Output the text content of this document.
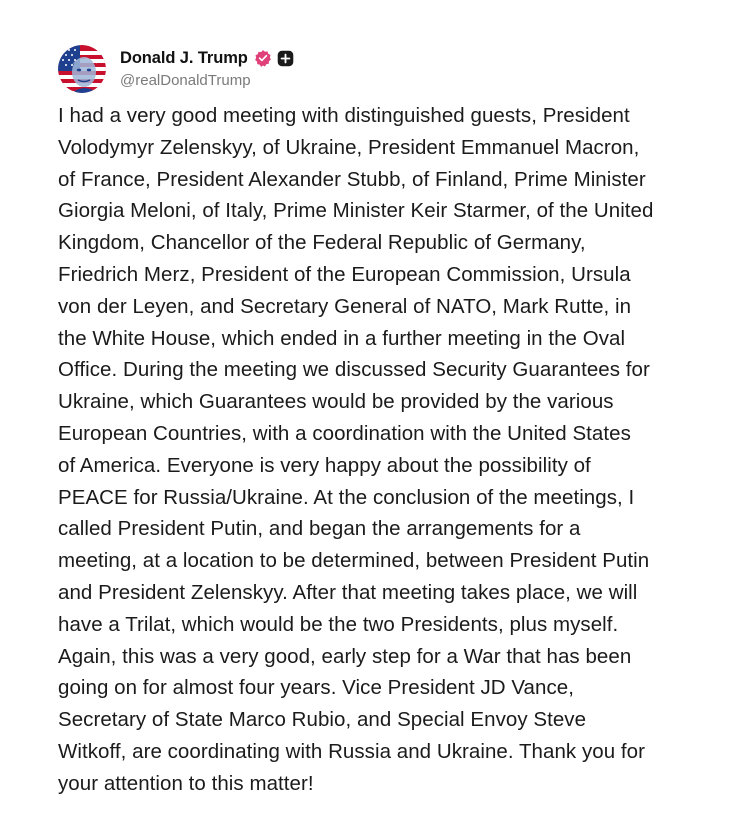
Donald J. Trump
@realDonaldTrump

I had a very good meeting with distinguished guests, President
Volodymyr Zelenskyy, of Ukraine, President Emmanuel Macron,
of France, President Alexander Stubb, of Finland, Prime Minister
Giorgia Meloni, of Italy, Prime Minister Keir Starmer, of the United
Kingdom, Chancellor of the Federal Republic of Germany,
Friedrich Merz, President of the European Commission, Ursula
von der Leyen, and Secretary General of NATO, Mark Rutte, in
the White House, which ended in a further meeting in the Oval
Office. During the meeting we discussed Security Guarantees for
Ukraine, which Guarantees would be provided by the various
European Countries, with a coordination with the United States
of America. Everyone is very happy about the possibility of
PEACE for Russia/Ukraine. At the conclusion of the meetings, I
called President Putin, and began the arrangements for a
meeting, at a location to be determined, between President Putin
and President Zelenskyy. After that meeting takes place, we will
have a Trilat, which would be the two Presidents, plus myself.
Again, this was a very good, early step for a War that has been
going on for almost four years. Vice President JD Vance,
Secretary of State Marco Rubio, and Special Envoy Steve
Witkoff, are coordinating with Russia and Ukraine. Thank you for
your attention to this matter!
